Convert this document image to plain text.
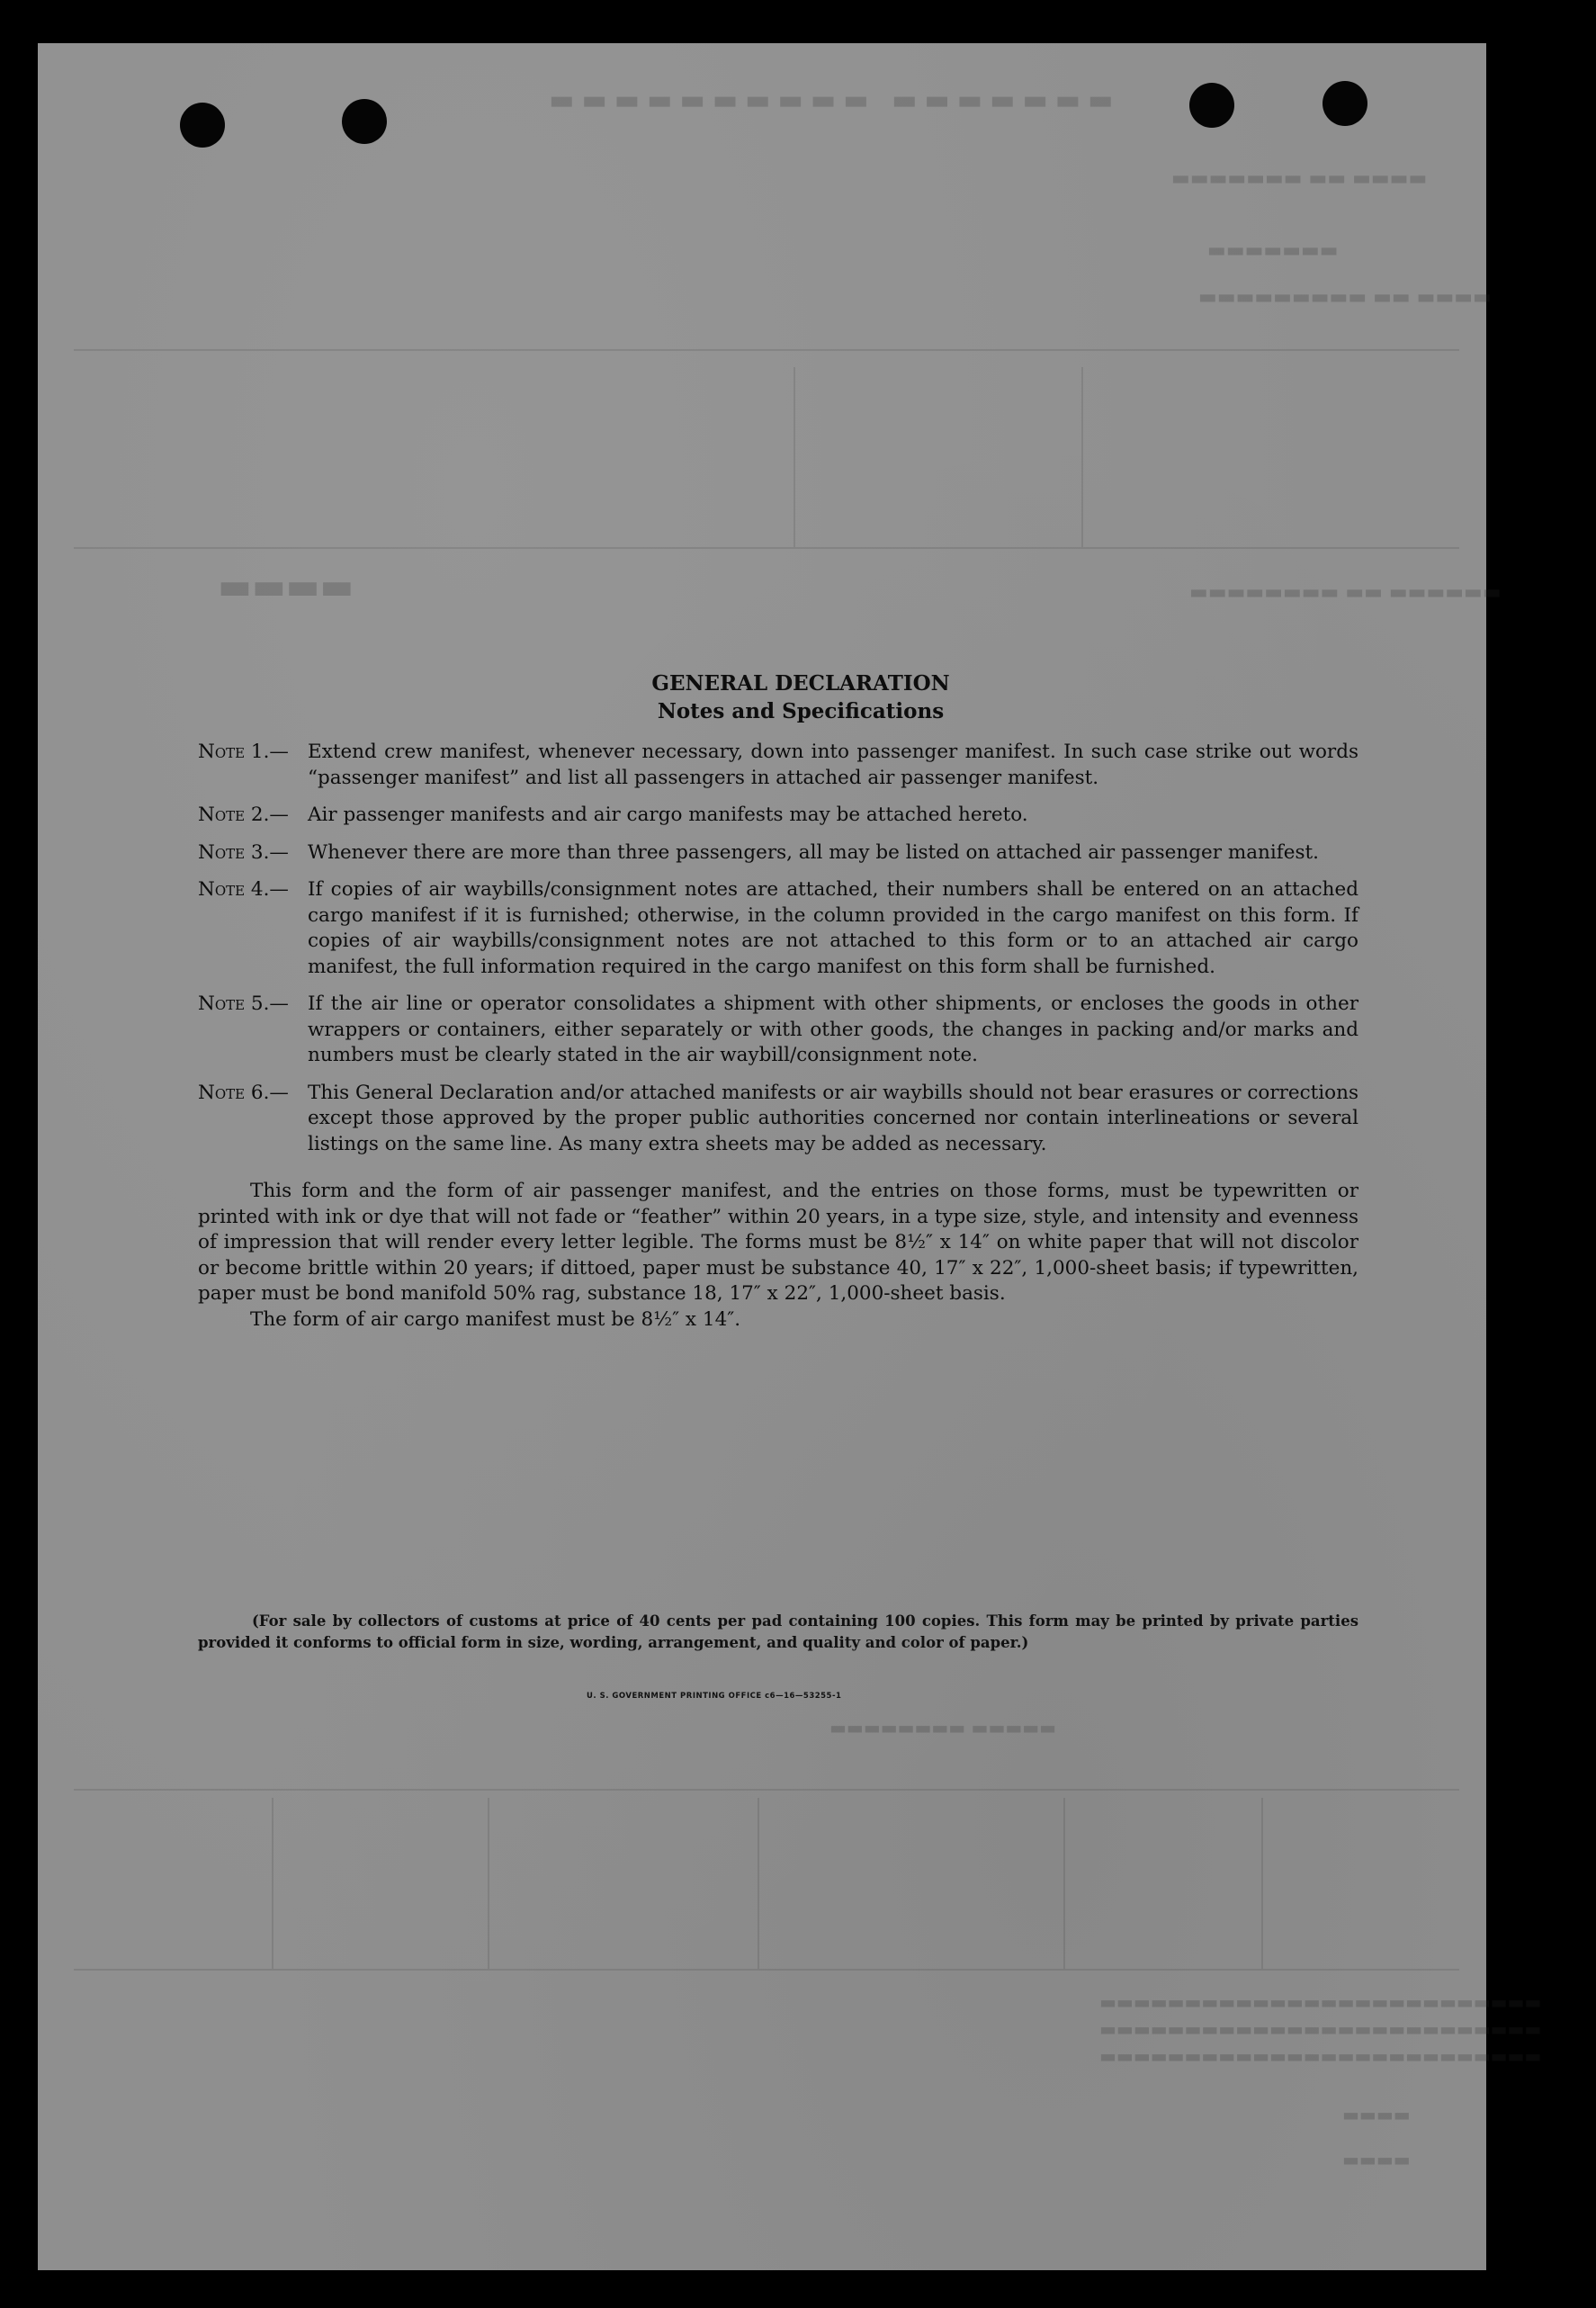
▬▬▬▬▬▬▬ ▬▬▬▬▬▬▬▬▬▬
▬▬▬▬ ▬▬ ▬▬▬▬▬▬▬
▬▬▬▬▬▬▬
▬▬▬▬ ▬▬ ▬▬▬▬▬▬▬▬▬
▬▬▬▬	▬▬▬▬▬▬ ▬▬ ▬▬▬▬▬▬▬▬
▬▬▬▬▬ ▬▬▬▬▬▬▬▬
▬▬▬▬▬▬▬▬▬▬▬▬▬▬▬▬▬▬▬▬▬▬▬▬▬▬
▬▬▬▬▬▬▬▬▬▬▬▬▬▬▬▬▬▬▬▬▬▬▬▬▬▬
▬▬▬▬▬▬▬▬▬▬▬▬▬▬▬▬▬▬▬▬▬▬▬▬▬▬
▬▬▬▬
▬▬▬▬
GENERAL DECLARATION
Notes and Specifications
Note 1.— Extend crew manifest, whenever necessary, down into passenger manifest. In such case strike out words “passenger manifest” and list all passengers in attached air passenger manifest.
Note 2.— Air passenger manifests and air cargo manifests may be attached hereto.
Note 3.— Whenever there are more than three passengers, all may be listed on attached air passenger manifest.
Note 4.— If copies of air waybills/consignment notes are attached, their numbers shall be entered on an attached cargo manifest if it is furnished; otherwise, in the column provided in the cargo manifest on this form. If copies of air waybills/consignment notes are not attached to this form or to an attached air cargo manifest, the full information required in the cargo manifest on this form shall be furnished.
Note 5.— If the air line or operator consolidates a shipment with other shipments, or encloses the goods in other wrappers or containers, either separately or with other goods, the changes in packing and/or marks and numbers must be clearly stated in the air waybill/consignment note.
Note 6.— This General Declaration and/or attached manifests or air waybills should not bear erasures or corrections except those approved by the proper public authorities concerned nor contain interlineations or several listings on the same line. As many extra sheets may be added as necessary.
This form and the form of air passenger manifest, and the entries on those forms, must be typewritten or printed with ink or dye that will not fade or “feather” within 20 years, in a type size, style, and intensity and evenness of impression that will render every letter legible. The forms must be 8½″ x 14″ on white paper that will not discolor or become brittle within 20 years; if dittoed, paper must be substance 40, 17″ x 22″, 1,000-sheet basis; if typewritten, paper must be bond manifold 50% rag, substance 18, 17″ x 22″, 1,000-sheet basis.
The form of air cargo manifest must be 8½″ x 14″.
(For sale by collectors of customs at price of 40 cents per pad containing 100 copies. This form may be printed by private parties provided it conforms to official form in size, wording, arrangement, and quality and color of paper.)
U. S. GOVERNMENT PRINTING OFFICE c6—16—53255-1
